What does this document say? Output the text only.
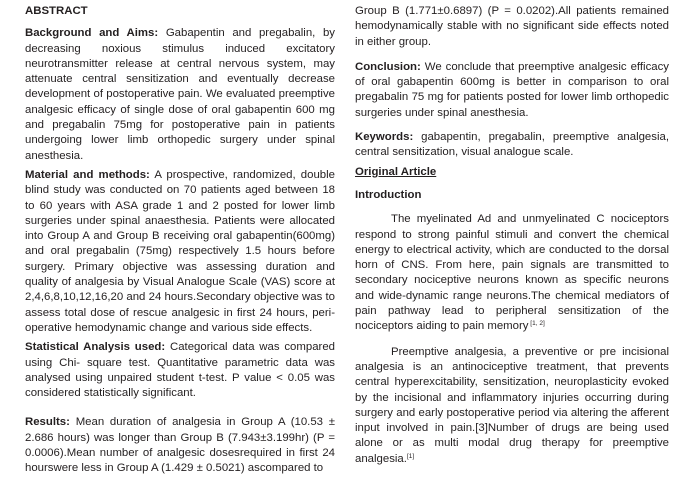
ABSTRACT

Background and Aims: Gabapentin and pregabalin, by decreasing noxious stimulus induced excitatory neurotransmitter release at central nervous system, may attenuate central sensitization and eventually decrease development of postoperative pain. We evaluated preemptive analgesic efficacy of single dose of oral gabapentin 600 mg and pregabalin 75mg for postoperative pain in patients undergoing lower limb orthopedic surgery under spinal anesthesia.

Material and methods: A prospective, randomized, double blind study was conducted on 70 patients aged between 18 to 60 years with ASA grade 1 and 2 posted for lower limb surgeries under spinal anaesthesia. Patients were allocated into Group A and Group B receiving oral gabapentin(600mg) and oral pregabalin (75mg) respectively 1.5 hours before surgery. Primary objective was assessing duration and quality of analgesia by Visual Analogue Scale (VAS) score at 2,4,6,8,10,12,16,20 and 24 hours.Secondary objective was to assess total dose of rescue analgesic in first 24 hours, peri-operative hemodynamic change and various side effects.

Statistical Analysis used: Categorical data was compared using Chi- square test. Quantitative parametric data was analysed using unpaired student t-test. P value < 0.05 was considered statistically significant.

Results: Mean duration of analgesia in Group A (10.53 ± 2.686 hours) was longer than Group B (7.943±3.199hr) (P = 0.0006).Mean number of analgesic dosesrequired in first 24 hourswere less in Group A (1.429 ± 0.5021) ascompared to

Group B (1.771±0.6897) (P = 0.0202).All patients remained hemodynamically stable with no significant side effects noted in either group.

Conclusion: We conclude that preemptive analgesic efficacy of oral gabapentin 600mg is better in comparison to oral pregabalin 75 mg for patients posted for lower limb orthopedic surgeries under spinal anesthesia.

Keywords: gabapentin, pregabalin, preemptive analgesia, central sensitization, visual analogue scale.

Original Article
Introduction

The myelinated Ad and unmyelinated C nociceptors respond to strong painful stimuli and convert the chemical energy to electrical activity, which are conducted to the dorsal horn of CNS. From here, pain signals are transmitted to secondary nociceptive neurons known as specific neurons and wide-dynamic range neurons.The chemical mediators of pain pathway lead to peripheral sensitization of the nociceptors aiding to pain memory [1, 2]

Preemptive analgesia, a preventive or pre incisional analgesia is an antinociceptive treatment, that prevents central hyperexcitability, sensitization, neuroplasticity evoked by the incisional and inflammatory injuries occurring during surgery and early postoperative period via altering the afferent input involved in pain.[3]Number of drugs are being used alone or as multi modal drug therapy for preemptive analgesia.[1]
